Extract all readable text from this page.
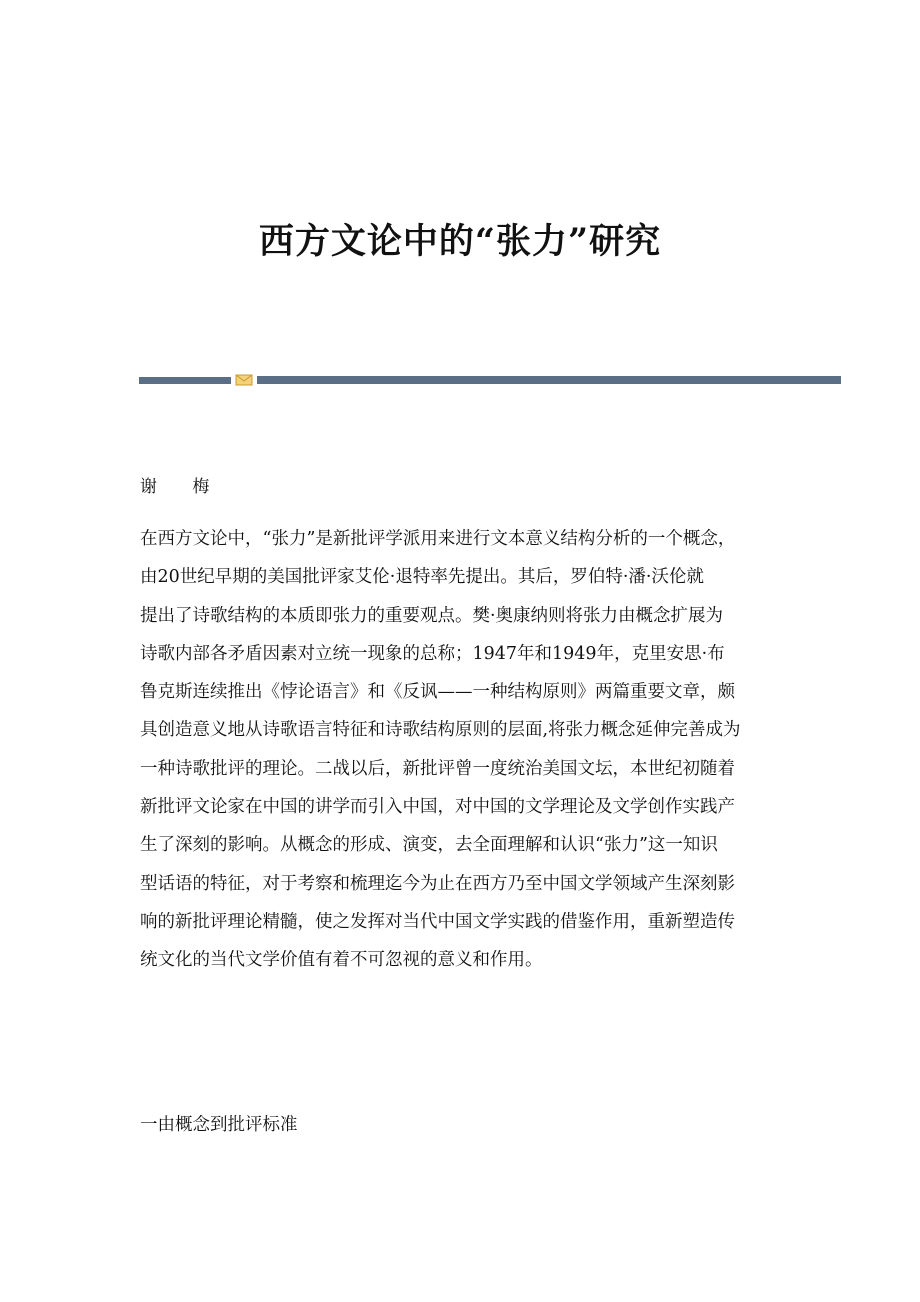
西方文论中的“张力”研究
谢 梅
在西方文论中，“张力”是新批评学派用来进行文本意义结构分析的一个概念，
由20世纪早期的美国批评家艾伦·退特率先提出。其后，罗伯特·潘·沃伦就
提出了诗歌结构的本质即张力的重要观点。樊·奥康纳则将张力由概念扩展为
诗歌内部各矛盾因素对立统一现象的总称；1947年和1949年，克里安思·布
鲁克斯连续推出《悖论语言》和《反讽——一种结构原则》两篇重要文章，颇
具创造意义地从诗歌语言特征和诗歌结构原则的层面,将张力概念延伸完善成为
一种诗歌批评的理论。二战以后，新批评曾一度统治美国文坛，本世纪初随着
新批评文论家在中国的讲学而引入中国，对中国的文学理论及文学创作实践产
生了深刻的影响。从概念的形成、演变，去全面理解和认识“张力”这一知识
型话语的特征，对于考察和梳理迄今为止在西方乃至中国文学领域产生深刻影
响的新批评理论精髓，使之发挥对当代中国文学实践的借鉴作用，重新塑造传
统文化的当代文学价值有着不可忽视的意义和作用。
一由概念到批评标准
